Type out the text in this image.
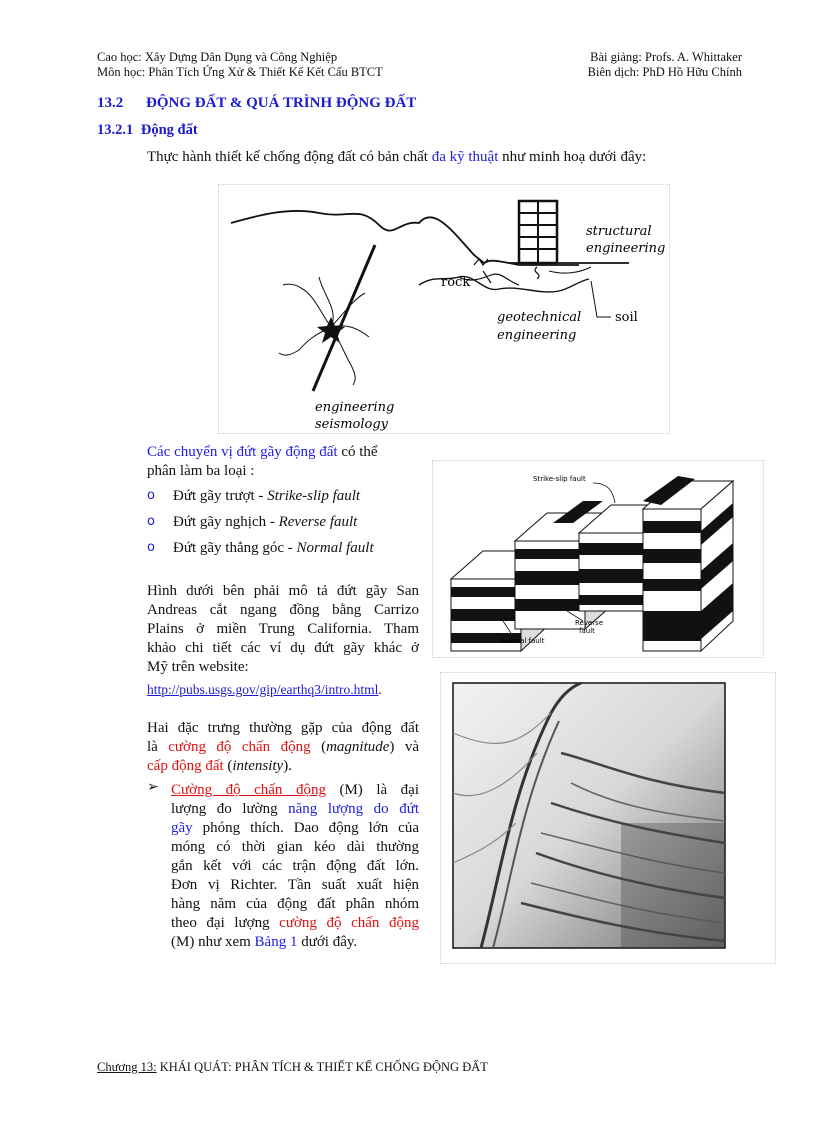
Cao học: Xây Dựng Dân Dụng và Công Nghiệp
Môn học: Phân Tích Ứng Xử & Thiết Kế Kết Cấu BTCT
Bài giảng: Profs. A. Whittaker
Biên dịch: PhD Hồ Hữu Chính
13.2 ĐỘNG ĐẤT & QUÁ TRÌNH ĐỘNG ĐẤT
13.2.1 Động đất
Thực hành thiết kế chống động đất có bản chất đa kỹ thuật như minh hoạ dưới đây:
structural
engineering
rock
soil
geotechnical
engineering
engineering
seismology
Các chuyển vị đứt gãy động đất có thể
phân làm ba loại :
o Đứt gãy trượt - Strike-slip fault
o Đứt gãy nghịch - Reverse fault
o Đứt gãy thẳng góc - Normal fault
Strike-slip fault
Reverse
fault
Normal fault
Hình dưới bên phải mô tả đứt gãy San
Andreas cắt ngang đồng bằng Carrizo
Plains ở miền Trung California. Tham
khảo chi tiết các ví dụ đứt gãy khác ở
Mỹ trên website:
http://pubs.usgs.gov/gip/earthq3/intro.html.
Hai đặc trưng thường gặp của động đất
là cường độ chấn động (magnitude) và
cấp động đất (intensity).
➢ Cường độ chấn động (M) là đại
lượng đo lường năng lượng do đứt
gãy phóng thích. Dao động lớn của
móng có thời gian kéo dài thường
gắn kết với các trận động đất lớn.
Đơn vị Richter. Tần suất xuất hiện
hàng năm của động đất phân nhóm
theo đại lượng cường độ chấn động
(M) như xem Bảng 1 dưới đây.
Chương 13: KHÁI QUÁT: PHÂN TÍCH & THIẾT KẾ CHỐNG ĐỘNG ĐẤT
